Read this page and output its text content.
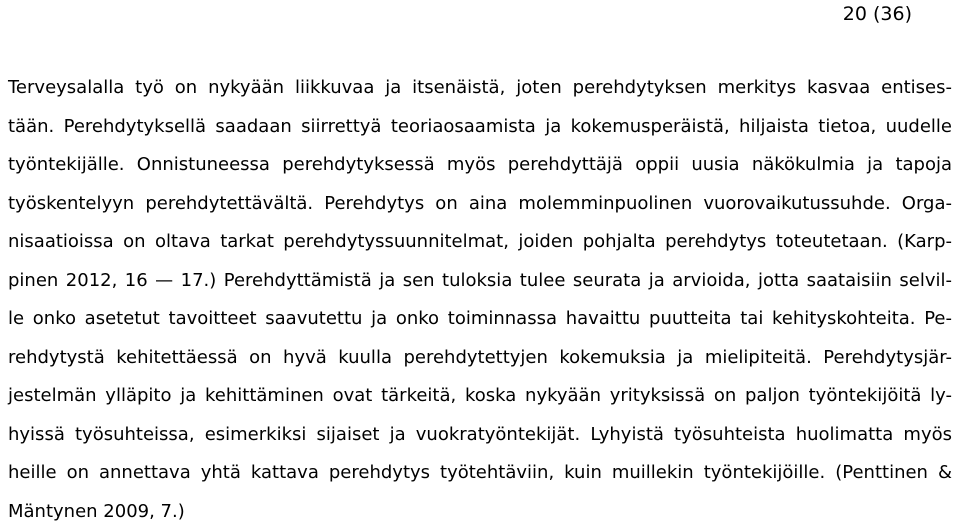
20 (36)
Terveysalalla työ on nykyään liikkuvaa ja itsenäistä, joten perehdytyksen merkitys kasvaa entises-
tään. Perehdytyksellä saadaan siirrettyä teoriaosaamista ja kokemusperäistä, hiljaista tietoa, uudelle
työntekijälle. Onnistuneessa perehdytyksessä myös perehdyttäjä oppii uusia näkökulmia ja tapoja
työskentelyyn perehdytettävältä. Perehdytys on aina molemminpuolinen vuorovaikutussuhde. Orga-
nisaatioissa on oltava tarkat perehdytyssuunnitelmat, joiden pohjalta perehdytys toteutetaan. (Karp-
pinen 2012, 16 — 17.) Perehdyttämistä ja sen tuloksia tulee seurata ja arvioida, jotta saataisiin selvil-
le onko asetetut tavoitteet saavutettu ja onko toiminnassa havaittu puutteita tai kehityskohteita. Pe-
rehdytystä kehitettäessä on hyvä kuulla perehdytettyjen kokemuksia ja mielipiteitä. Perehdytysjär-
jestelmän ylläpito ja kehittäminen ovat tärkeitä, koska nykyään yrityksissä on paljon työntekijöitä ly-
hyissä työsuhteissa, esimerkiksi sijaiset ja vuokratyöntekijät. Lyhyistä työsuhteista huolimatta myös
heille on annettava yhtä kattava perehdytys työtehtäviin, kuin muillekin työntekijöille. (Penttinen &
Mäntynen 2009, 7.)
